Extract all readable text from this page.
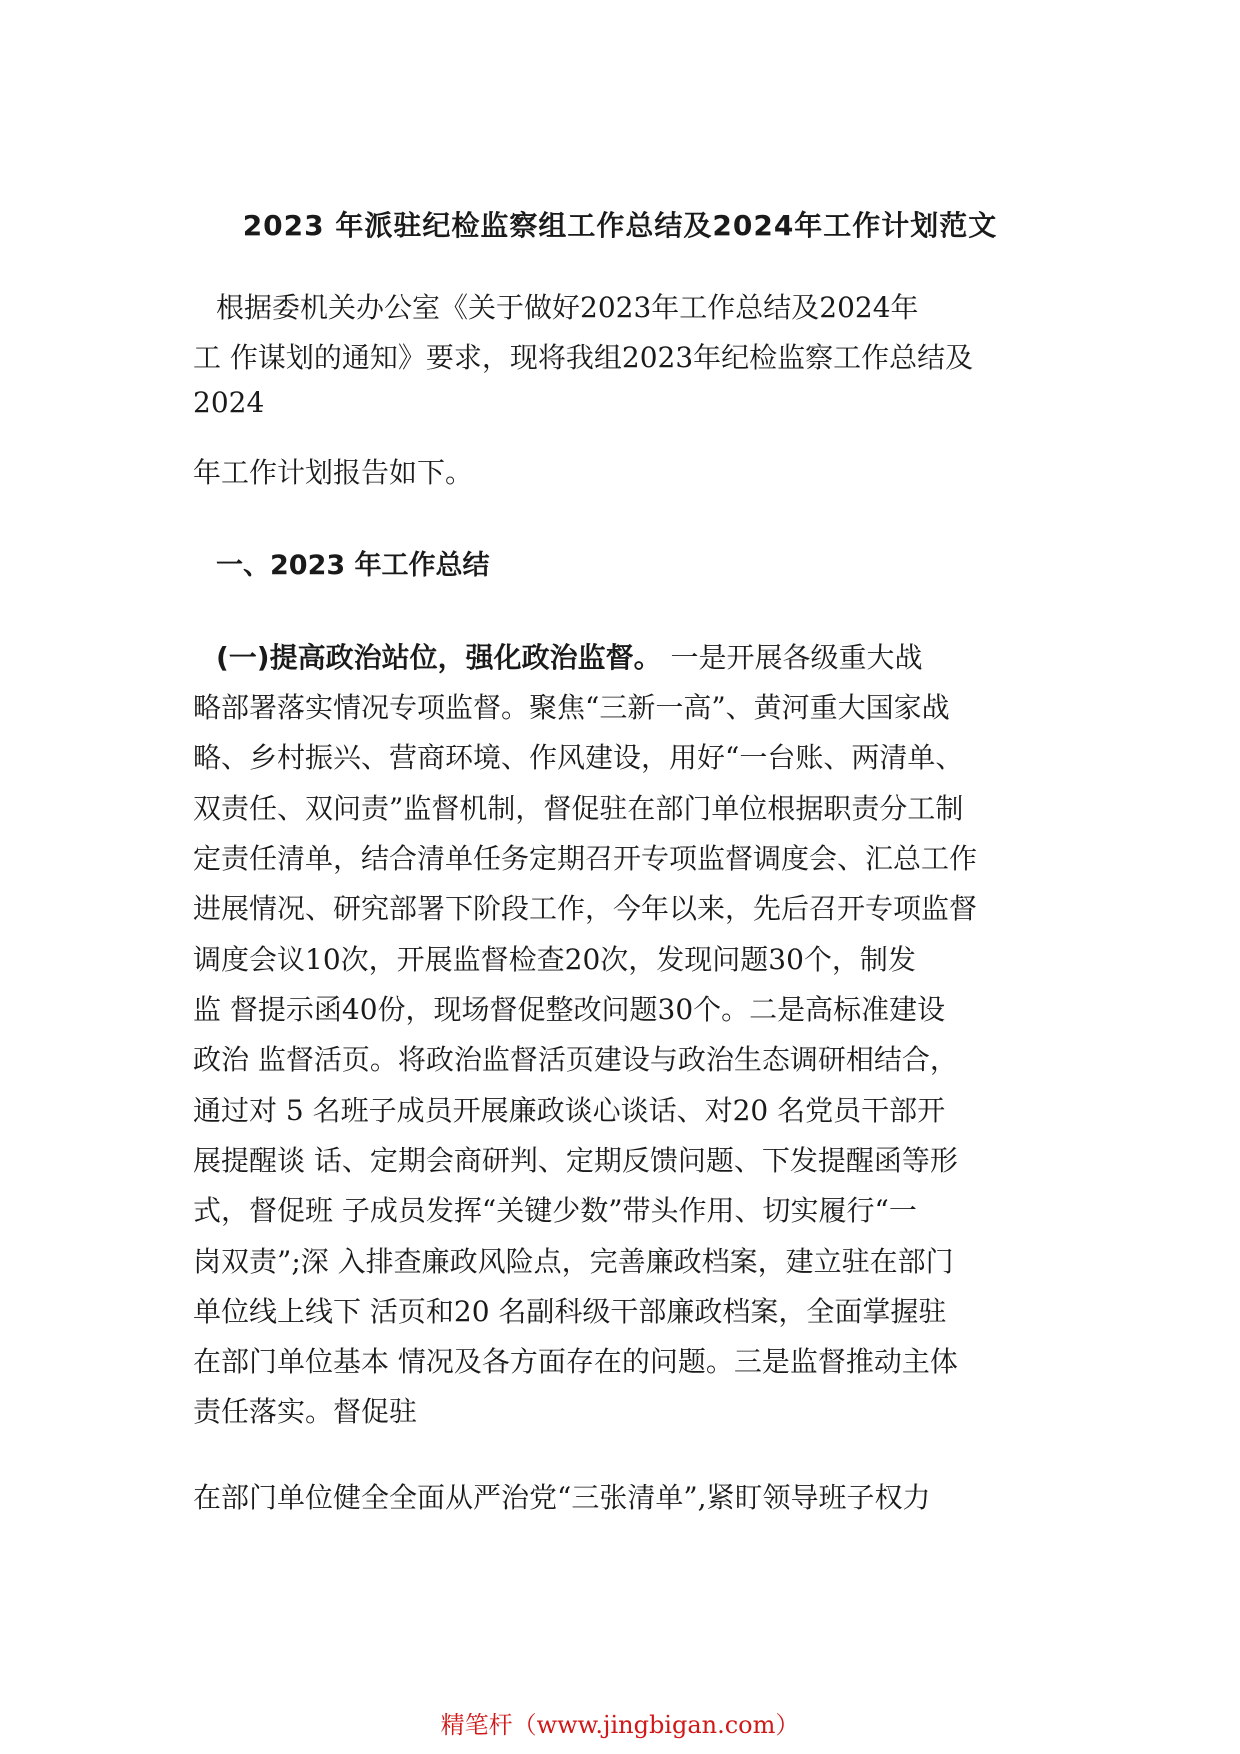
2023 年派驻纪检监察组工作总结及2024年工作计划范文

根据委机关办公室《关于做好2023年工作总结及2024年

工 作谋划的通知》要求，现将我组2023年纪检监察工作总结及

2024

年工作计划报告如下。

一、2023 年工作总结

(一)提高政治站位，强化政治监督。 一是开展各级重大战

略部署落实情况专项监督。聚焦“三新一高”、黄河重大国家战

略、乡村振兴、营商环境、作风建设，用好“一台账、两清单、

双责任、双问责”监督机制，督促驻在部门单位根据职责分工制

定责任清单，结合清单任务定期召开专项监督调度会、汇总工作

进展情况、研究部署下阶段工作，今年以来，先后召开专项监督

调度会议10次，开展监督检查20次，发现问题30个，制发

监 督提示函40份，现场督促整改问题30个。二是高标准建设

政治 监督活页。将政治监督活页建设与政治生态调研相结合，

通过对 5 名班子成员开展廉政谈心谈话、对20 名党员干部开

展提醒谈 话、定期会商研判、定期反馈问题、下发提醒函等形

式，督促班 子成员发挥“关键少数”带头作用、切实履行“一

岗双责”;深 入排查廉政风险点，完善廉政档案，建立驻在部门

单位线上线下 活页和20 名副科级干部廉政档案，全面掌握驻

在部门单位基本 情况及各方面存在的问题。三是监督推动主体

责任落实。督促驻

在部门单位健全全面从严治党“三张清单”,紧盯领导班子权力

精笔杆（www.jingbigan.com）
